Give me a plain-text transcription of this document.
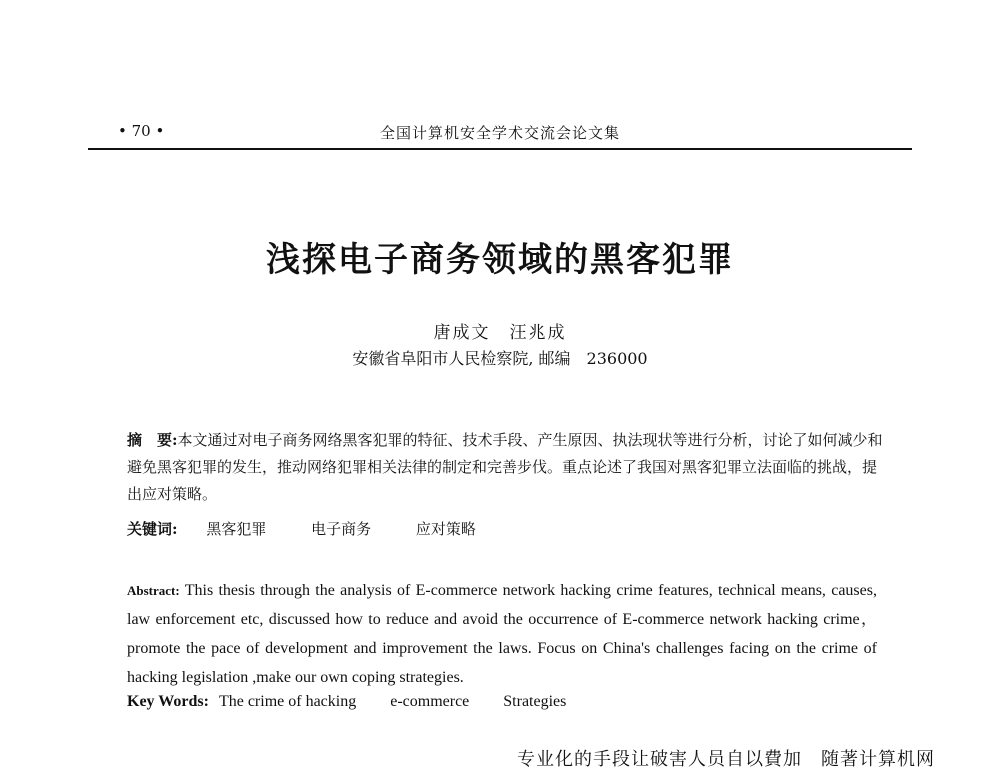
• 70 •	全国计算机安全学术交流会论文集
浅探电子商务领域的黑客犯罪
唐成文　汪兆成
安徽省阜阳市人民检察院, 邮编　236000
摘　要:本文通过对电子商务网络黑客犯罪的特征、技术手段、产生原因、执法现状等进行分析，讨论了如何减少和避免黑客犯罪的发生，推动网络犯罪相关法律的制定和完善步伐。重点论述了我国对黑客犯罪立法面临的挑战，提出应对策略。
关键词: 黑客犯罪	电子商务	应对策略
Abstract: This thesis through the analysis of E-commerce network hacking crime features, technical means, causes, law enforcement etc, discussed how to reduce and avoid the occurrence of E-commerce network hacking crime， promote the pace of development and improvement the laws. Focus on China's challenges facing on the crime of hacking legislation ,make our own coping strategies.
Key Words: The crime of hacking e-commerce Strategies
专业化的手段让破害人员自以費加　随著计算机网
